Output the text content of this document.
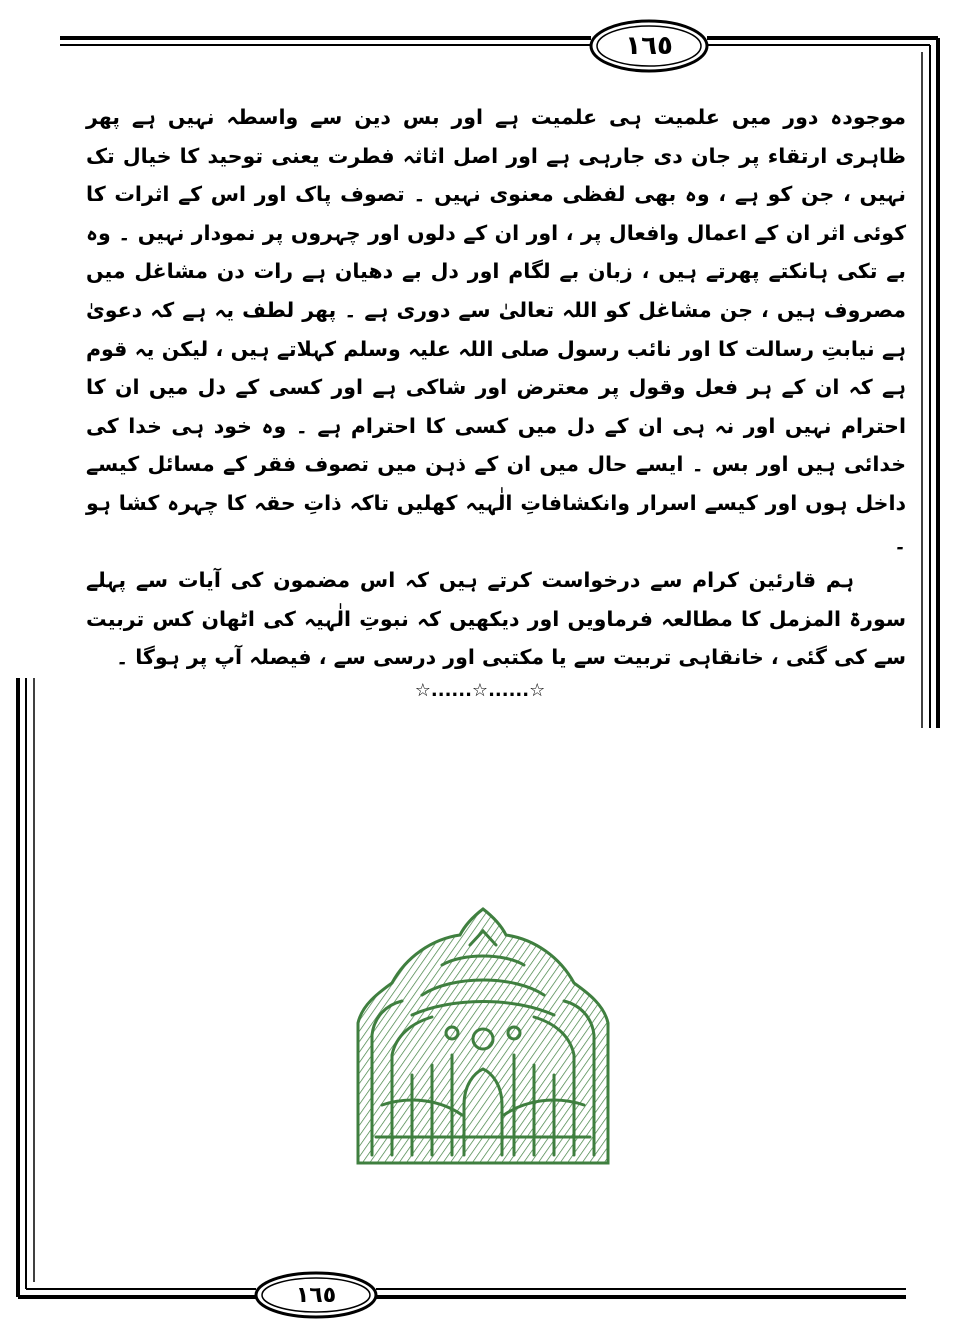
١٦٥
١٦٥

موجودہ دور میں علمیت ہی علمیت ہے اور بس دین سے واسطہ نہیں ہے پھر ظاہری ارتقاء پر جان دی جارہی ہے اور اصل اثاثہ فطرت یعنی توحید کا خیال تک نہیں ، جن کو ہے ، وہ بھی لفظی معنوی نہیں ۔ تصوف پاک اور اس کے اثرات کا کوئی اثر ان کے اعمال وافعال پر ، اور ان کے دلوں اور چہروں پر نمودار نہیں ۔ وہ بے تکی ہانکتے پھرتے ہیں ، زبان بے لگام اور دل بے دھیان ہے رات دن مشاغل میں مصروف ہیں ، جن مشاغل کو اللہ تعالیٰ سے دوری ہے ۔ پھر لطف یہ ہے کہ دعویٰ ہے نیابتِ رسالت کا اور نائب رسول صلی اللہ علیہ وسلم کہلاتے ہیں ، لیکن یہ قوم ہے کہ ان کے ہر فعل وقول پر معترض اور شاکی ہے اور کسی کے دل میں ان کا احترام نہیں اور نہ ہی ان کے دل میں کسی کا احترام ہے ۔ وہ خود ہی خدا کی خدائی ہیں اور بس ۔ ایسے حال میں ان کے ذہن میں تصوف فقر کے مسائل کیسے داخل ہوں اور کیسے اسرار وانکشافاتِ الٰہیہ کھلیں تاکہ ذاتِ حقہ کا چہرہ کشا ہو ۔

ہم قارئین کرام سے درخواست کرتے ہیں کہ اس مضمون کی آیات سے پہلے سورۃ المزمل کا مطالعہ فرماویں اور دیکھیں کہ نبوتِ الٰہیہ کی اٹھان کس تربیت سے کی گئی ، خانقاہی تربیت سے یا مکتبی اور درسی سے ، فیصلہ آپ پر ہوگا ۔

☆......☆......☆
